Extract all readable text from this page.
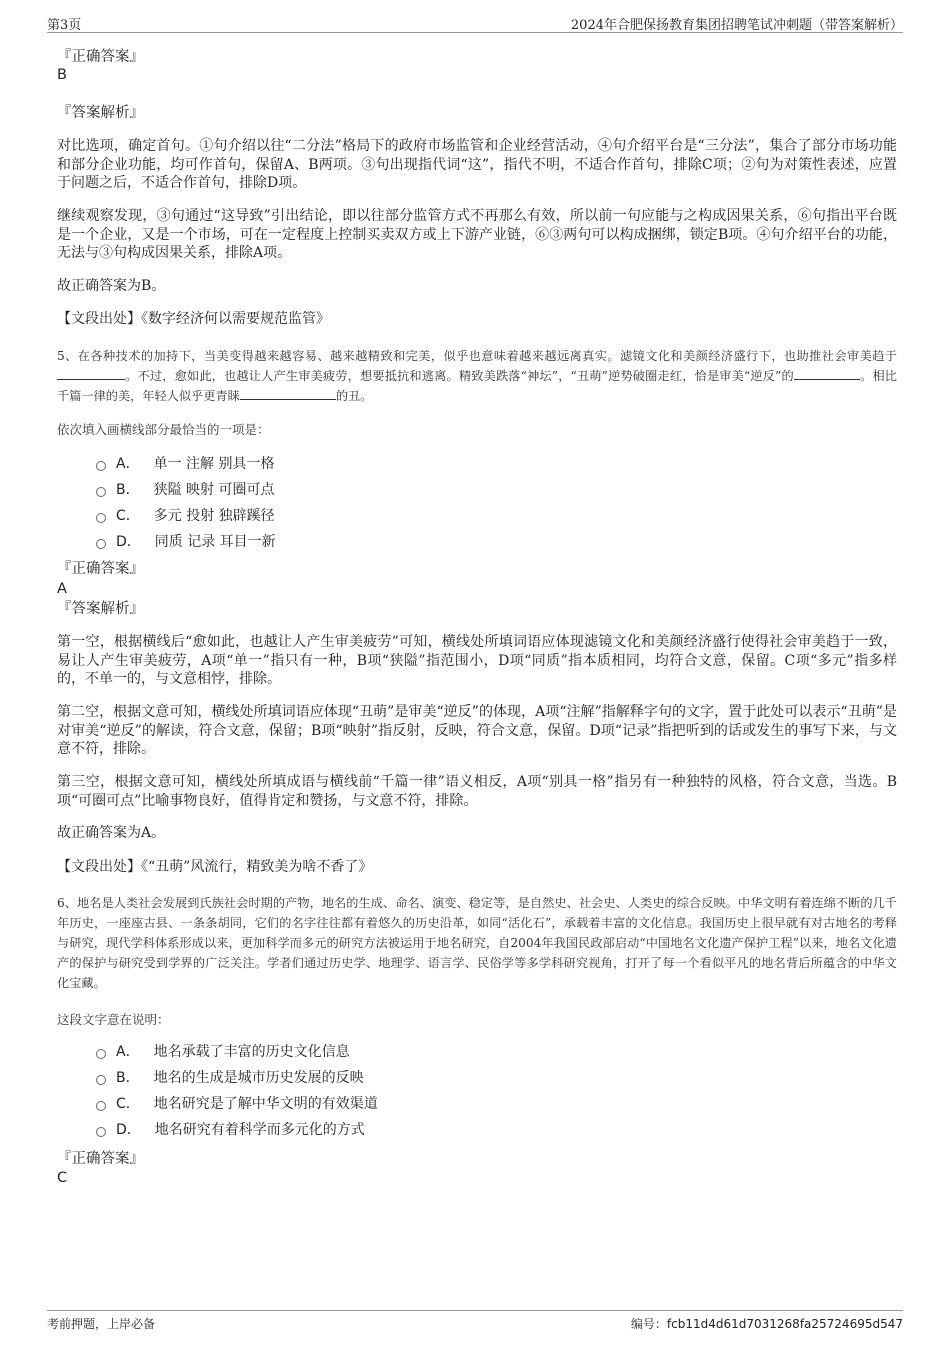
第3页	2024年合肥保扬教育集团招聘笔试冲刺题（带答案解析）
『正确答案』
B
『答案解析』
对比选项，确定首句。①句介绍以往“二分法”格局下的政府市场监管和企业经营活动，④句介绍平台是“三分法”，集合了部分市场功能和部分企业功能，均可作首句，保留A、B两项。③句出现指代词“这”，指代不明，不适合作首句，排除C项；②句为对策性表述，应置于问题之后，不适合作首句，排除D项。
继续观察发现，③句通过“这导致”引出结论，即以往部分监管方式不再那么有效，所以前一句应能与之构成因果关系，⑥句指出平台既是一个企业，又是一个市场，可在一定程度上控制买卖双方或上下游产业链，⑥③两句可以构成捆绑，锁定B项。④句介绍平台的功能，无法与③句构成因果关系，排除A项。
故正确答案为B。
【文段出处】《数字经济何以需要规范监管》
5、在各种技术的加持下，当美变得越来越容易、越来越精致和完美，似乎也意味着越来越远离真实。滤镜文化和美颜经济盛行下，也助推社会审美趋于。不过，愈如此，也越让人产生审美疲劳，想要抵抗和逃离。精致美跌落“神坛”，“丑萌”逆势破圈走红，恰是审美“逆反”的	。相比千篇一律的美，年轻人似乎更青睐	的丑。
依次填入画横线部分最恰当的一项是：
A． 单一 注解 别具一格
B． 狭隘 映射 可圈可点
C． 多元 投射 独辟蹊径
D． 同质 记录 耳目一新
『正确答案』
A
『答案解析』
第一空，根据横线后“愈如此，也越让人产生审美疲劳”可知，横线处所填词语应体现滤镜文化和美颜经济盛行使得社会审美趋于一致，易让人产生审美疲劳，A项“单一”指只有一种，B项“狭隘”指范围小，D项“同质”指本质相同，均符合文意，保留。C项“多元”指多样的，不单一的，与文意相悖，排除。
第二空，根据文意可知，横线处所填词语应体现“丑萌”是审美“逆反”的体现，A项“注解”指解释字句的文字，置于此处可以表示“丑萌”是对审美“逆反”的解读，符合文意，保留；B项“映射”指反射，反映，符合文意，保留。D项“记录”指把听到的话或发生的事写下来，与文意不符，排除。
第三空，根据文意可知，横线处所填成语与横线前“千篇一律”语义相反，A项“别具一格”指另有一种独特的风格，符合文意，当选。B项“可圈可点”比喻事物良好，值得肯定和赞扬，与文意不符，排除。
故正确答案为A。
【文段出处】《“丑萌”风流行，精致美为啥不香了》
6、地名是人类社会发展到氏族社会时期的产物，地名的生成、命名、演变、稳定等，是自然史、社会史、人类史的综合反映。中华文明有着连绵不断的几千年历史，一座座古县、一条条胡同，它们的名字往往都有着悠久的历史沿革，如同“活化石”，承载着丰富的文化信息。我国历史上很早就有对古地名的考释与研究，现代学科体系形成以来，更加科学而多元的研究方法被运用于地名研究，自2004年我国民政部启动“中国地名文化遗产保护工程”以来，地名文化遗产的保护与研究受到学界的广泛关注。学者们通过历史学、地理学、语言学、民俗学等多学科研究视角，打开了每一个看似平凡的地名背后所蕴含的中华文化宝藏。
这段文字意在说明：
A． 地名承载了丰富的历史文化信息
B． 地名的生成是城市历史发展的反映
C． 地名研究是了解中华文明的有效渠道
D． 地名研究有着科学而多元化的方式
『正确答案』
C
考前押题，上岸必备	编号：fcb11d4d61d7031268fa25724695d547
